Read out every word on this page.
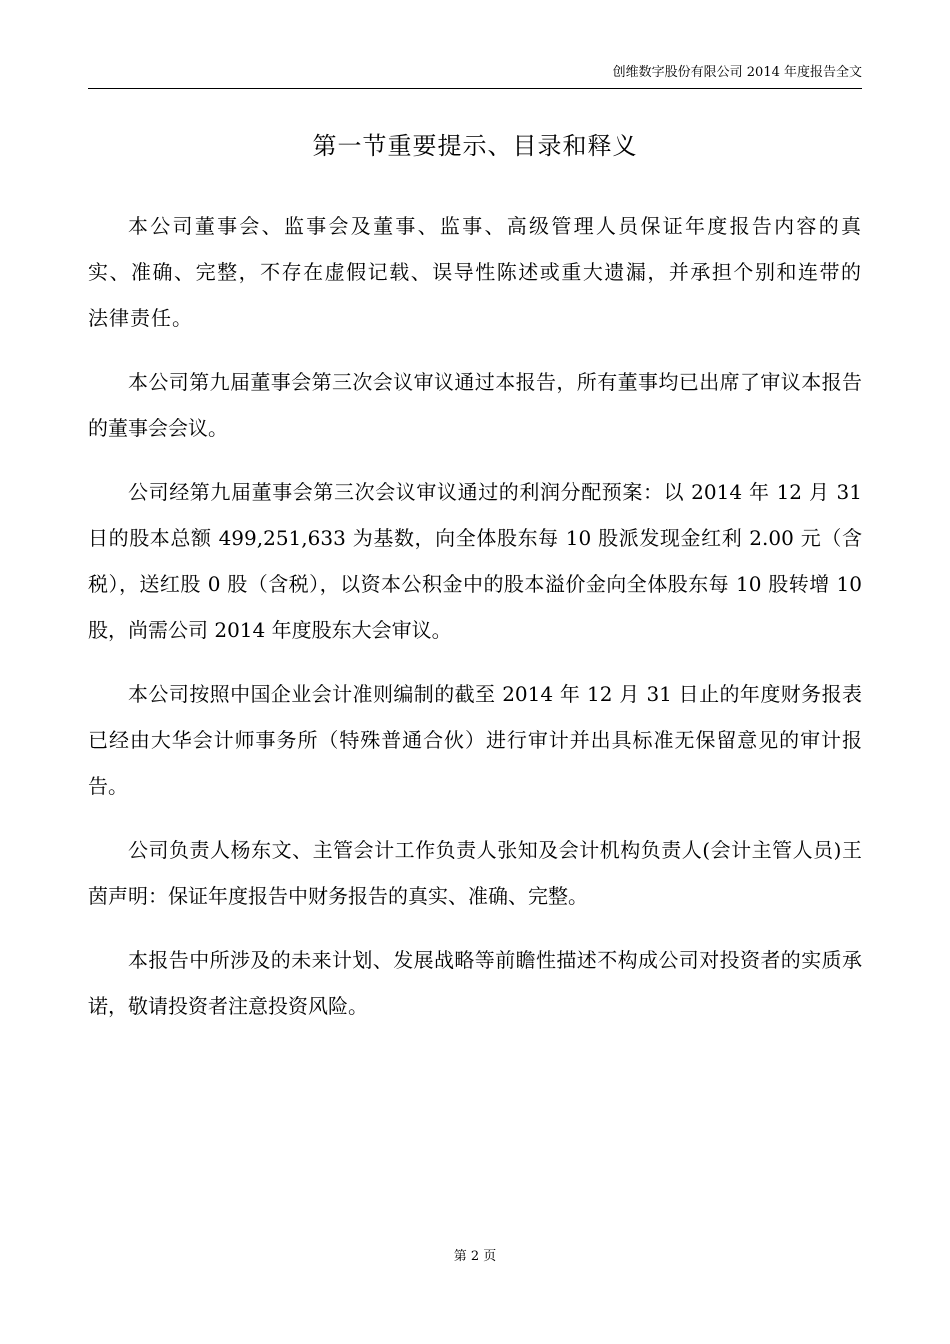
创维数字股份有限公司 2014 年度报告全文
第一节重要提示、目录和释义

本公司董事会、监事会及董事、监事、高级管理人员保证年度报告内容的真实、准确、完整，不存在虚假记载、误导性陈述或重大遗漏，并承担个别和连带的法律责任。

本公司第九届董事会第三次会议审议通过本报告，所有董事均已出席了审议本报告的董事会会议。

公司经第九届董事会第三次会议审议通过的利润分配预案：以 2014 年 12 月 31 日的股本总额 499,251,633 为基数，向全体股东每 10 股派发现金红利 2.00 元（含税），送红股 0 股（含税），以资本公积金中的股本溢价金向全体股东每 10 股转增 10 股，尚需公司 2014 年度股东大会审议。

本公司按照中国企业会计准则编制的截至 2014 年 12 月 31 日止的年度财务报表已经由大华会计师事务所（特殊普通合伙）进行审计并出具标准无保留意见的审计报告。

公司负责人杨东文、主管会计工作负责人张知及会计机构负责人(会计主管人员)王茵声明：保证年度报告中财务报告的真实、准确、完整。

本报告中所涉及的未来计划、发展战略等前瞻性描述不构成公司对投资者的实质承诺，敬请投资者注意投资风险。

第 2 页
